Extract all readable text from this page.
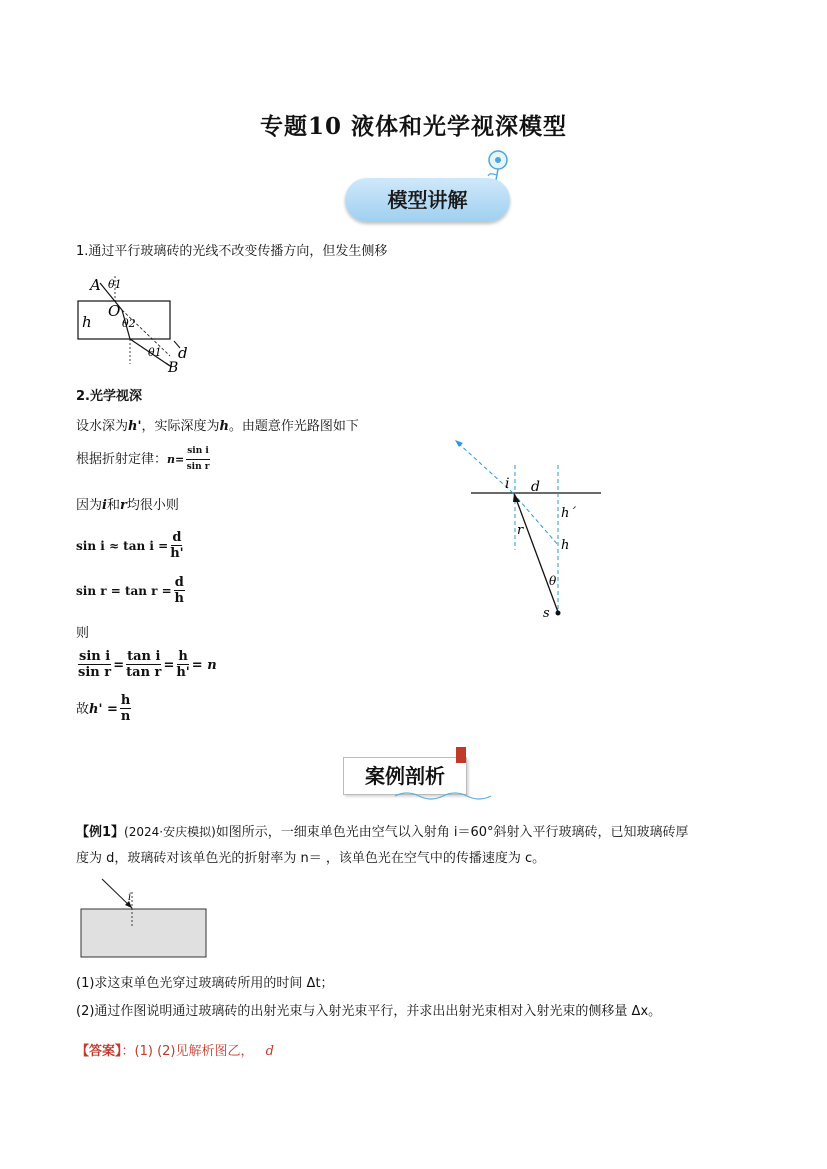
专题10 液体和光学视深模型
模型讲解
1.通过平行玻璃砖的光线不改变传播方向，但发生侧移
A θ1
O
h	θ2
θ1 d
B
2.光学视深
设水深为h'，实际深度为h。由题意作光路图如下
根据折射定律：$n= \frac{\text{sin i}}{\text{sin r}}$
因为i和r均很小则
$\sin i \approx \tan i = \frac{d}{h'}$
$\sin r = \tan r = \frac{d}{h}$
则
$\frac{\text{sin i}}{\text{sin r}} = \frac{\text{tan i}}{\text{tan r}} = \frac{h}{h'} = n$
故$h' = \frac{h}{n}$
i d
h´
r
h
θ
s
案例剖析
【例1】(2024·安庆模拟)如图所示，一细束单色光由空气以入射角 i＝60°斜射入平行玻璃砖，已知玻璃砖厚
度为 d，玻璃砖对该单色光的折射率为 n＝ ，该单色光在空气中的传播速度为 c。
i
(1)求这束单色光穿过玻璃砖所用的时间 Δt；
(2)通过作图说明通过玻璃砖的出射光束与入射光束平行，并求出出射光束相对入射光束的侧移量 Δx。
【答案】：(1) (2)见解析图乙， d
